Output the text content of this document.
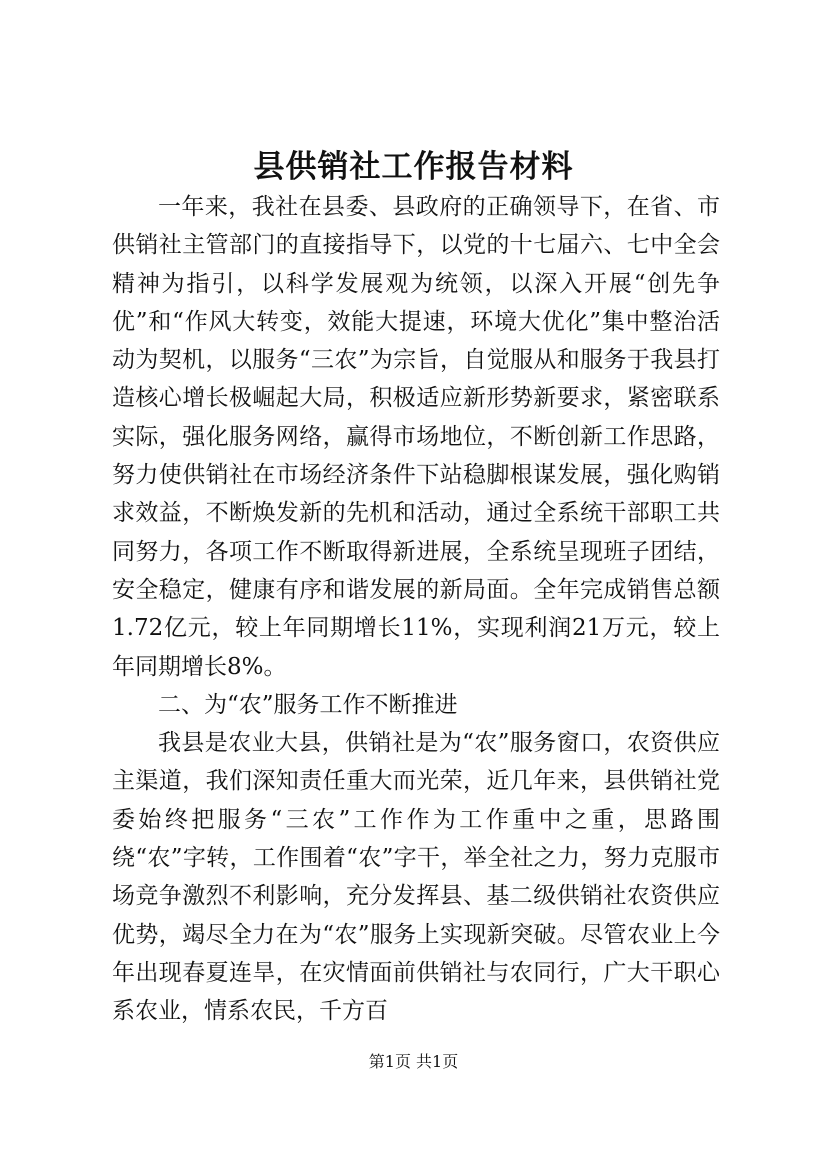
县供销社工作报告材料

一年来，我社在县委、县政府的正确领导下，在省、市供销社主管部门的直接指导下，以党的十七届六、七中全会精神为指引，以科学发展观为统领，以深入开展“创先争优”和“作风大转变，效能大提速，环境大优化”集中整治活动为契机，以服务“三农”为宗旨，自觉服从和服务于我县打造核心增长极崛起大局，积极适应新形势新要求，紧密联系实际，强化服务网络，赢得市场地位，不断创新工作思路，努力使供销社在市场经济条件下站稳脚根谋发展，强化购销求效益，不断焕发新的先机和活动，通过全系统干部职工共同努力，各项工作不断取得新进展，全系统呈现班子团结，安全稳定，健康有序和谐发展的新局面。全年完成销售总额1.72亿元，较上年同期增长11%，实现利润21万元，较上年同期增长8%。

二、为“农”服务工作不断推进

我县是农业大县，供销社是为“农”服务窗口，农资供应主渠道，我们深知责任重大而光荣，近几年来，县供销社党委始终把服务“三农”工作作为工作重中之重，思路围绕“农”字转，工作围着“农”字干，举全社之力，努力克服市场竞争激烈不利影响，充分发挥县、基二级供销社农资供应优势，竭尽全力在为“农”服务上实现新突破。尽管农业上今年出现春夏连旱，在灾情面前供销社与农同行，广大干职心系农业，情系农民，千方百

第1页 共1页
